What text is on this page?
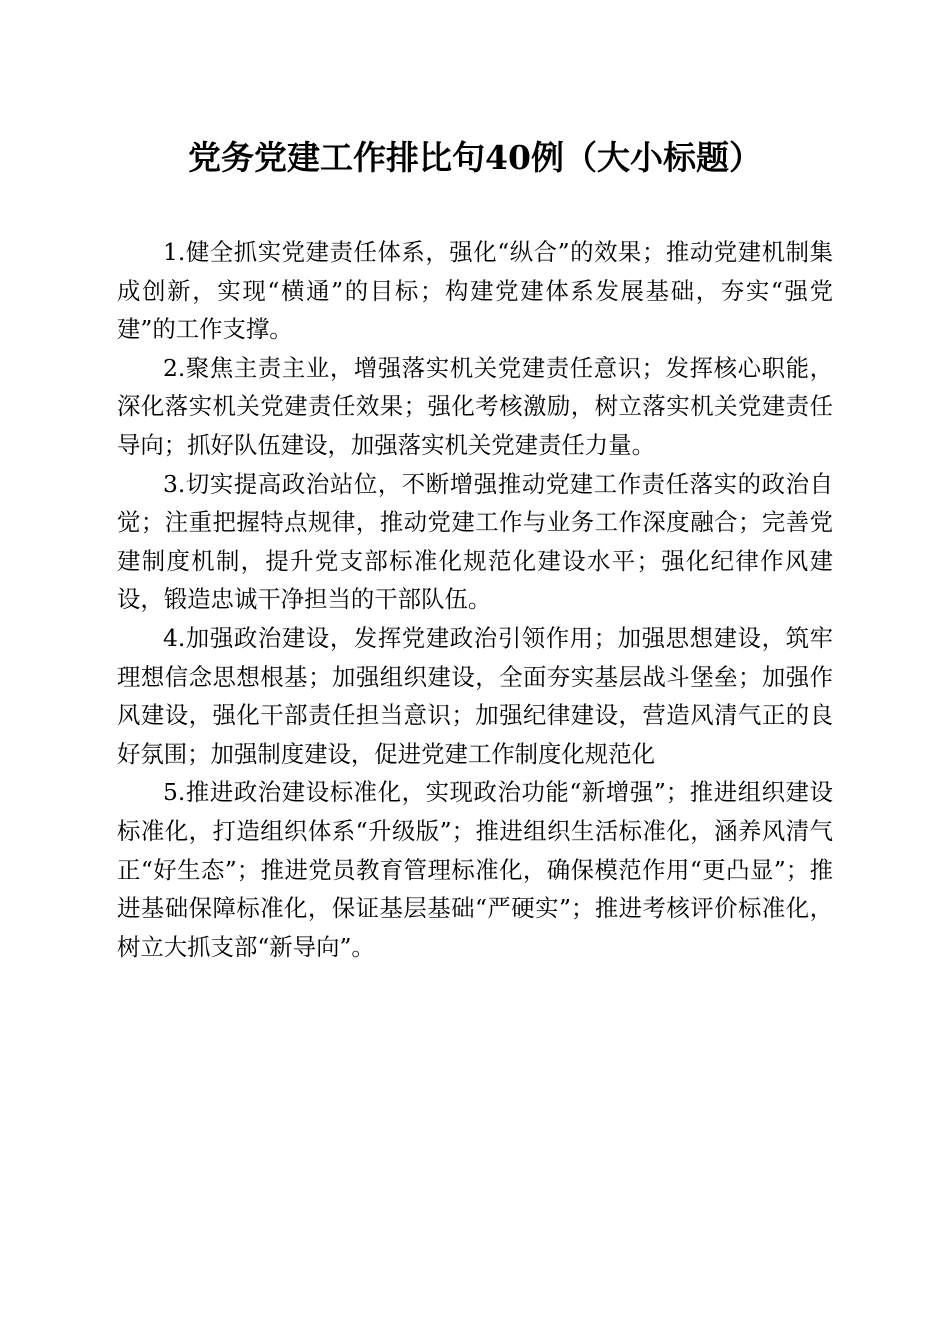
党务党建工作排比句40例（大小标题）

1.健全抓实党建责任体系，强化“纵合”的效果；推动党建机制集成创新，实现“横通”的目标；构建党建体系发展基础，夯实“强党建”的工作支撑。

2.聚焦主责主业，增强落实机关党建责任意识；发挥核心职能，深化落实机关党建责任效果；强化考核激励，树立落实机关党建责任导向；抓好队伍建设，加强落实机关党建责任力量。

3.切实提高政治站位，不断增强推动党建工作责任落实的政治自觉；注重把握特点规律，推动党建工作与业务工作深度融合；完善党建制度机制，提升党支部标准化规范化建设水平；强化纪律作风建设，锻造忠诚干净担当的干部队伍。

4.加强政治建设，发挥党建政治引领作用；加强思想建设，筑牢理想信念思想根基；加强组织建设，全面夯实基层战斗堡垒；加强作风建设，强化干部责任担当意识；加强纪律建设，营造风清气正的良好氛围；加强制度建设，促进党建工作制度化规范化

5.推进政治建设标准化，实现政治功能“新增强”；推进组织建设标准化，打造组织体系“升级版”；推进组织生活标准化，涵养风清气正“好生态”；推进党员教育管理标准化，确保模范作用“更凸显”；推进基础保障标准化，保证基层基础“严硬实”；推进考核评价标准化，树立大抓支部“新导向”。
